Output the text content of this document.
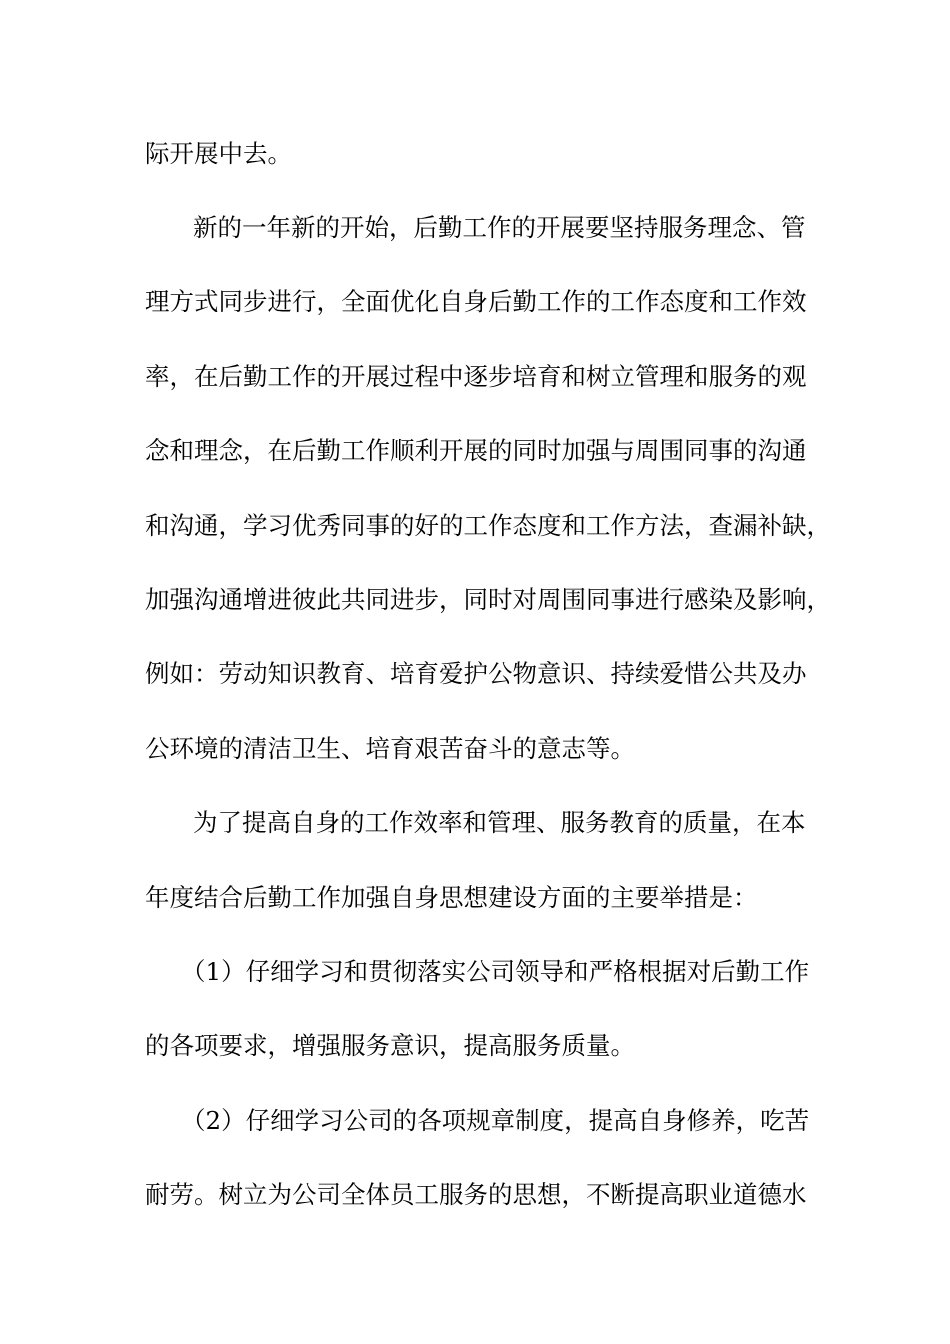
际开展中去。
新的一年新的开始，后勤工作的开展要坚持服务理念、管
理方式同步进行，全面优化自身后勤工作的工作态度和工作效
率，在后勤工作的开展过程中逐步培育和树立管理和服务的观
念和理念，在后勤工作顺利开展的同时加强与周围同事的沟通
和沟通，学习优秀同事的好的工作态度和工作方法，查漏补缺，
加强沟通增进彼此共同进步，同时对周围同事进行感染及影响，
例如：劳动知识教育、培育爱护公物意识、持续爱惜公共及办
公环境的清洁卫生、培育艰苦奋斗的意志等。
为了提高自身的工作效率和管理、服务教育的质量，在本
年度结合后勤工作加强自身思想建设方面的主要举措是：
（1）仔细学习和贯彻落实公司领导和严格根据对后勤工作
的各项要求，增强服务意识，提高服务质量。
（2）仔细学习公司的各项规章制度，提高自身修养，吃苦
耐劳。树立为公司全体员工服务的思想，不断提高职业道德水
